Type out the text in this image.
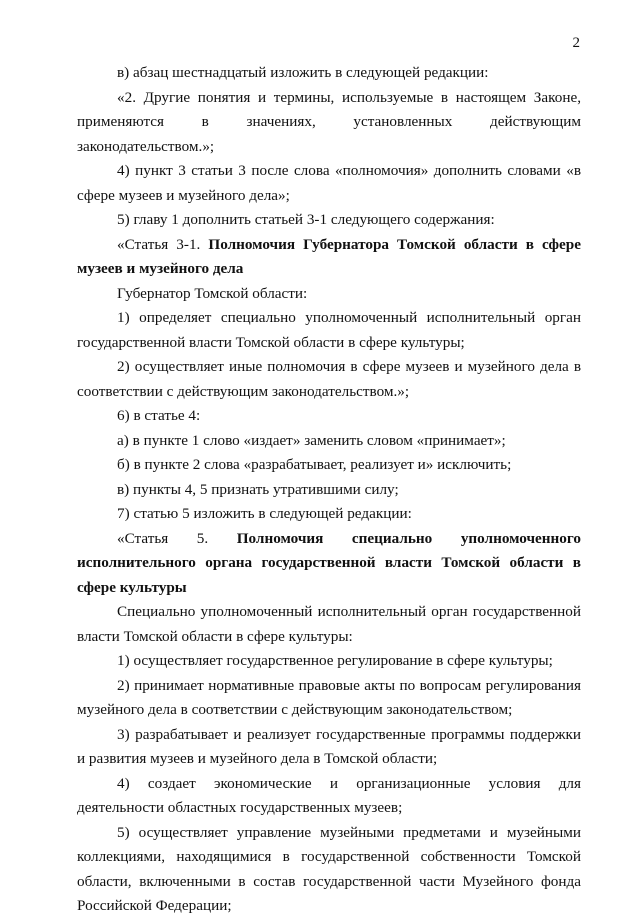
2

в) абзац шестнадцатый изложить в следующей редакции:

«2. Другие понятия и термины, используемые в настоящем Законе, применяются в значениях, установленных действующим законодательством.»;

4) пункт 3 статьи 3 после слова «полномочия» дополнить словами «в сфере музеев и музейного дела»;

5) главу 1 дополнить статьей 3-1 следующего содержания:

«Статья 3-1. Полномочия Губернатора Томской области в сфере музеев и музейного дела

Губернатор Томской области:

1) определяет специально уполномоченный исполнительный орган государственной власти Томской области в сфере культуры;

2) осуществляет иные полномочия в сфере музеев и музейного дела в соответствии с действующим законодательством.»;

6) в статье 4:

а) в пункте 1 слово «издает» заменить словом «принимает»;

б) в пункте 2 слова «разрабатывает, реализует и» исключить;

в) пункты 4, 5 признать утратившими силу;

7) статью 5 изложить в следующей редакции:

«Статья 5. Полномочия специально уполномоченного исполнительного органа государственной власти Томской области в сфере культуры

Специально уполномоченный исполнительный орган государственной власти Томской области в сфере культуры:

1) осуществляет государственное регулирование в сфере культуры;

2) принимает нормативные правовые акты по вопросам регулирования музейного дела в соответствии с действующим законодательством;

3) разрабатывает и реализует государственные программы поддержки и развития музеев и музейного дела в Томской области;

4) создает экономические и организационные условия для деятельности областных государственных музеев;

5) осуществляет управление музейными предметами и музейными коллекциями, находящимися в государственной собственности Томской области, включенными в состав государственной части Музейного фонда Российской Федерации;
